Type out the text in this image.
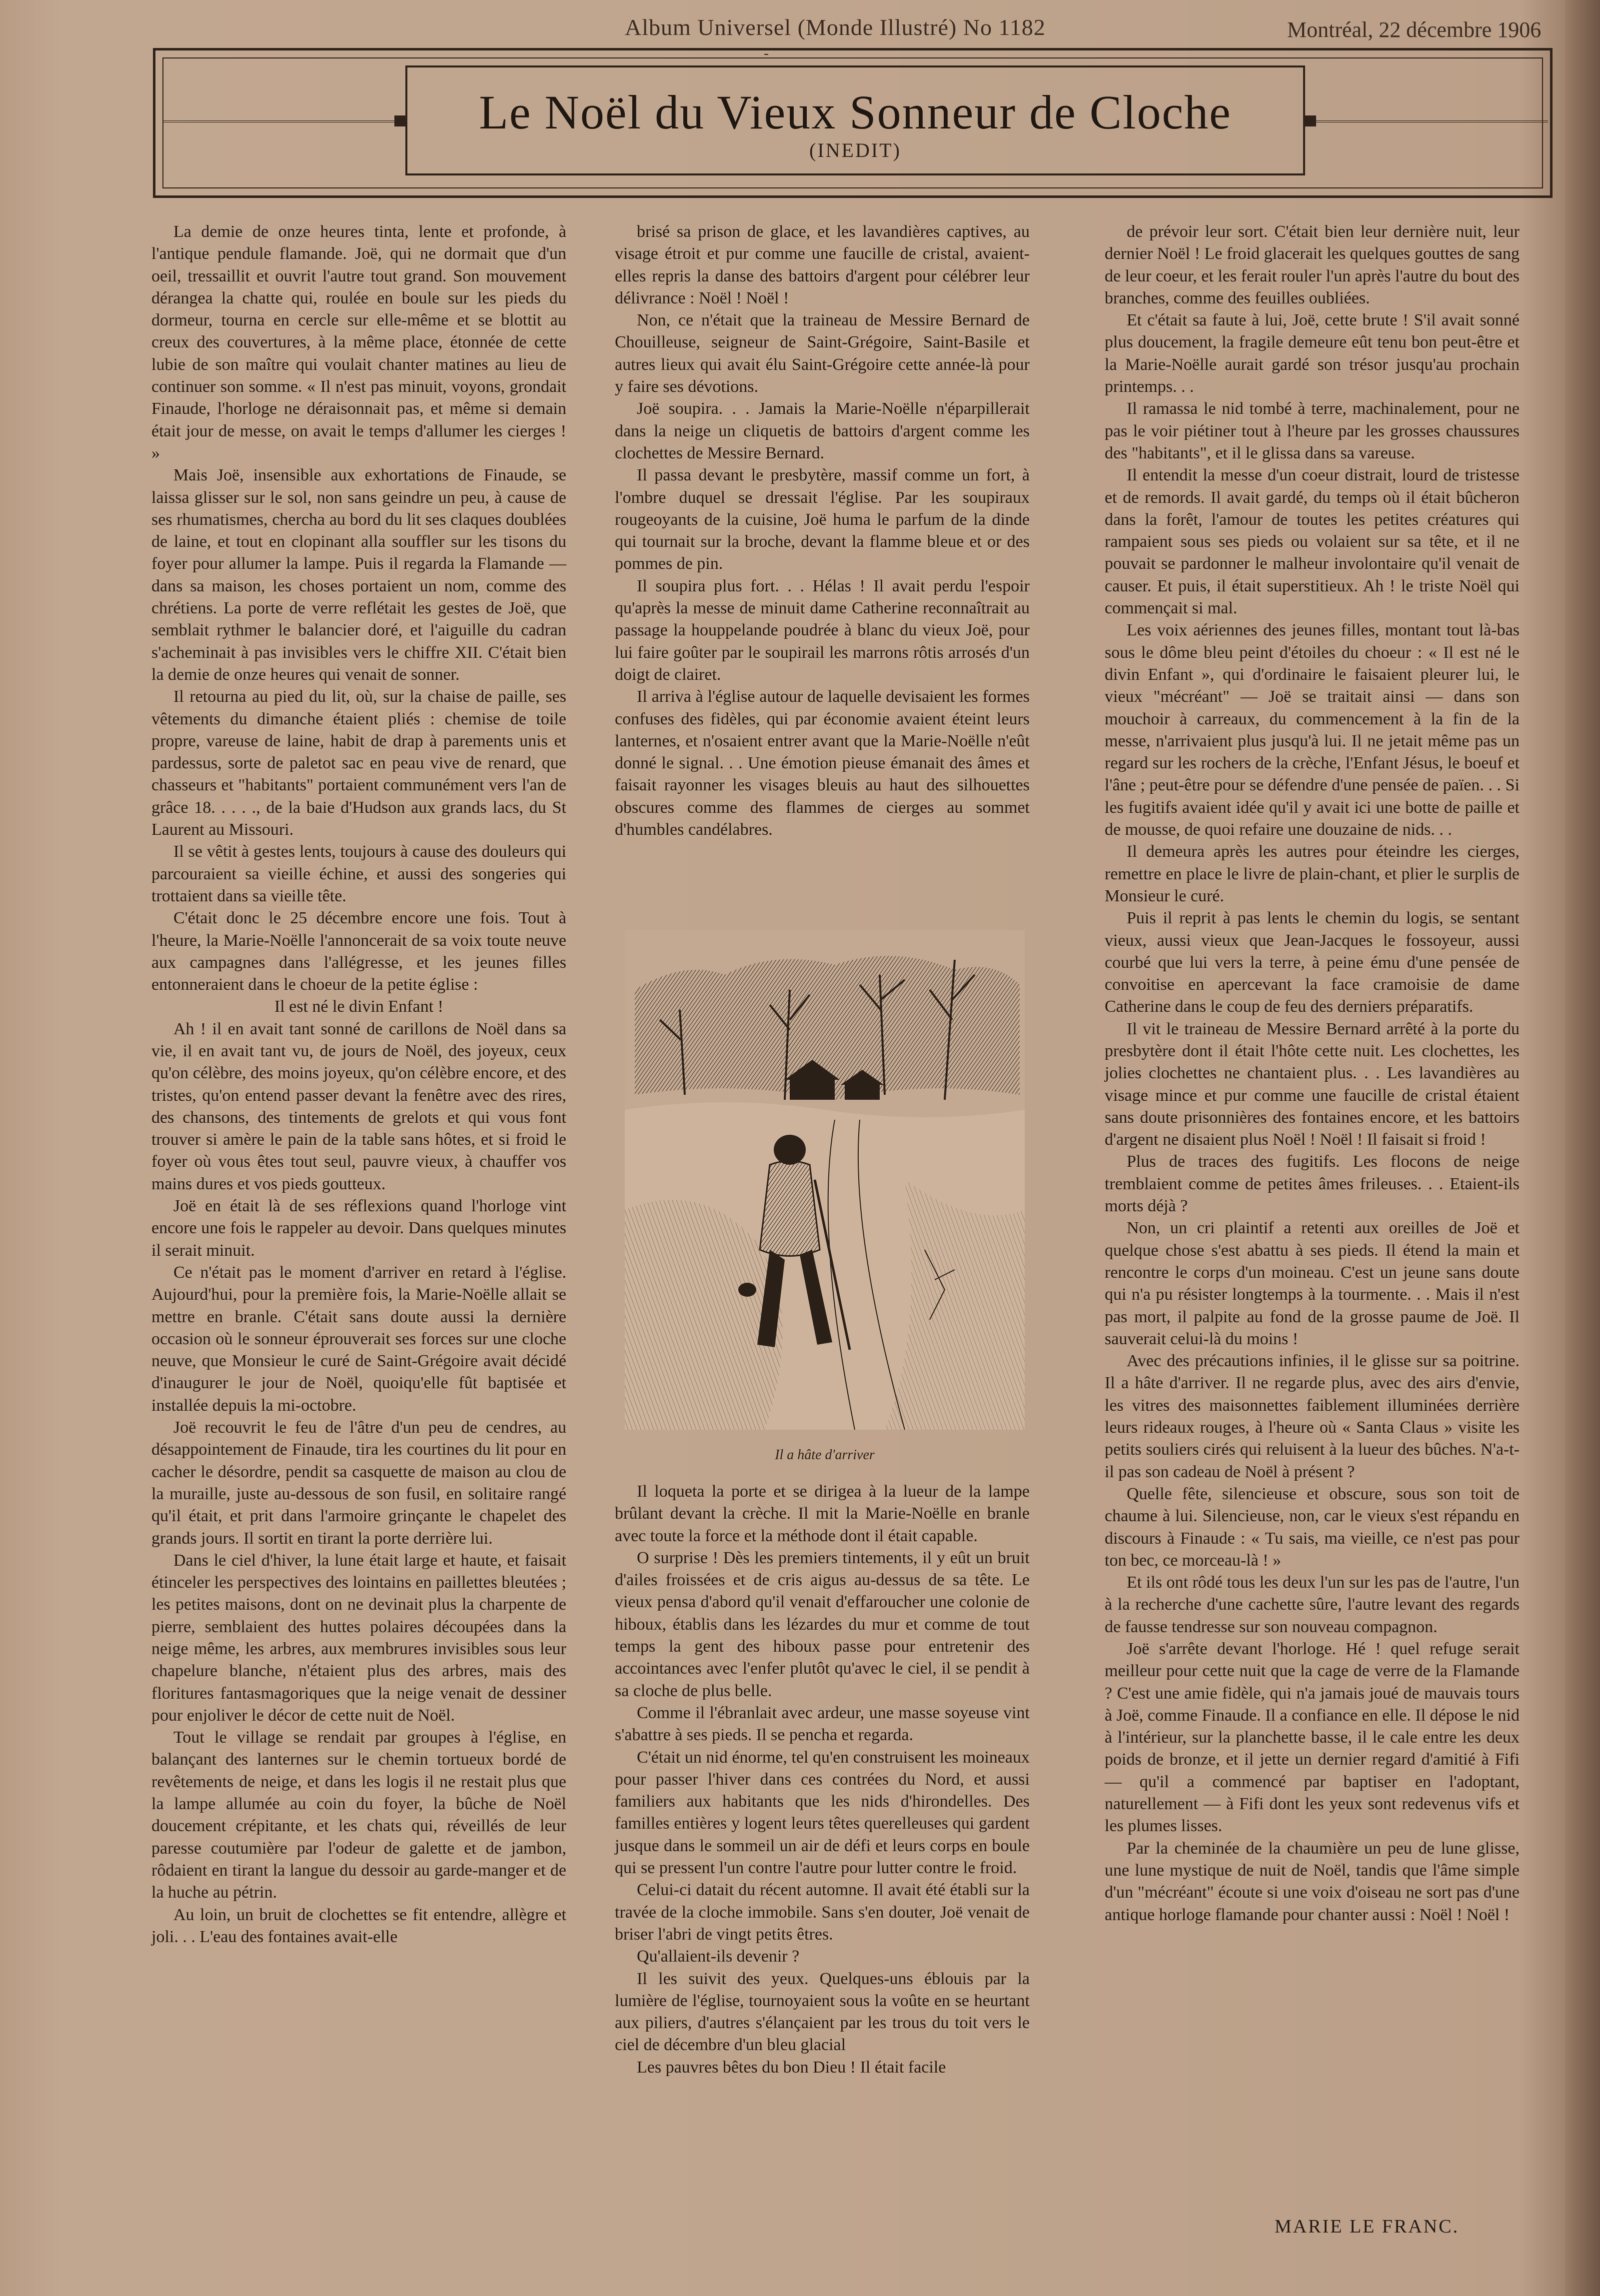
Album Universel (Monde Illustré) No 1182	Montréal, 22 décembre 1906
-
Le Noël du Vieux Sonneur de Cloche
(INEDIT)

La demie de onze heures tinta, lente et profonde, à l'antique pendule flamande. Joë, qui ne dormait que d'un oeil, tressaillit et ouvrit l'autre tout grand. Son mouvement dérangea la chatte qui, roulée en boule sur les pieds du dormeur, tourna en cercle sur elle-même et se blottit au creux des couvertures, à la même place, étonnée de cette lubie de son maître qui voulait chanter matines au lieu de continuer son somme. « Il n'est pas minuit, voyons, grondait Finaude, l'horloge ne déraisonnait pas, et même si demain était jour de messe, on avait le temps d'allumer les cierges ! »

Mais Joë, insensible aux exhortations de Finaude, se laissa glisser sur le sol, non sans geindre un peu, à cause de ses rhumatismes, chercha au bord du lit ses claques doublées de laine, et tout en clopinant alla souffler sur les tisons du foyer pour allumer la lampe. Puis il regarda la Flamande — dans sa maison, les choses portaient un nom, comme des chrétiens. La porte de verre reflétait les gestes de Joë, que semblait rythmer le balancier doré, et l'aiguille du cadran s'acheminait à pas invisibles vers le chiffre XII. C'était bien la demie de onze heures qui venait de sonner.

Il retourna au pied du lit, où, sur la chaise de paille, ses vêtements du dimanche étaient pliés : chemise de toile propre, vareuse de laine, habit de drap à parements unis et pardessus, sorte de paletot sac en peau vive de renard, que chasseurs et "habitants" portaient communément vers l'an de grâce 18. . . . ., de la baie d'Hudson aux grands lacs, du St Laurent au Missouri.

Il se vêtit à gestes lents, toujours à cause des douleurs qui parcouraient sa vieille échine, et aussi des songeries qui trottaient dans sa vieille tête.

C'était donc le 25 décembre encore une fois. Tout à l'heure, la Marie-Noëlle l'annoncerait de sa voix toute neuve aux campagnes dans l'allégresse, et les jeunes filles entonneraient dans le choeur de la petite église :

Il est né le divin Enfant !

Ah ! il en avait tant sonné de carillons de Noël dans sa vie, il en avait tant vu, de jours de Noël, des joyeux, ceux qu'on célèbre, des moins joyeux, qu'on célèbre encore, et des tristes, qu'on entend passer devant la fenêtre avec des rires, des chansons, des tintements de grelots et qui vous font trouver si amère le pain de la table sans hôtes, et si froid le foyer où vous êtes tout seul, pauvre vieux, à chauffer vos mains dures et vos pieds goutteux.

Joë en était là de ses réflexions quand l'horloge vint encore une fois le rappeler au devoir. Dans quelques minutes il serait minuit.

Ce n'était pas le moment d'arriver en retard à l'église. Aujourd'hui, pour la première fois, la Marie-Noëlle allait se mettre en branle. C'était sans doute aussi la dernière occasion où le sonneur éprouverait ses forces sur une cloche neuve, que Monsieur le curé de Saint-Grégoire avait décidé d'inaugurer le jour de Noël, quoiqu'elle fût baptisée et installée depuis la mi-octobre.

Joë recouvrit le feu de l'âtre d'un peu de cendres, au désappointement de Finaude, tira les courtines du lit pour en cacher le désordre, pendit sa casquette de maison au clou de la muraille, juste au-dessous de son fusil, en solitaire rangé qu'il était, et prit dans l'armoire grinçante le chapelet des grands jours. Il sortit en tirant la porte derrière lui.

Dans le ciel d'hiver, la lune était large et haute, et faisait étinceler les perspectives des lointains en paillettes bleutées ; les petites maisons, dont on ne devinait plus la charpente de pierre, semblaient des huttes polaires découpées dans la neige même, les arbres, aux membrures invisibles sous leur chapelure blanche, n'étaient plus des arbres, mais des floritures fantasmagoriques que la neige venait de dessiner pour enjoliver le décor de cette nuit de Noël.

Tout le village se rendait par groupes à l'église, en balançant des lanternes sur le chemin tortueux bordé de revêtements de neige, et dans les logis il ne restait plus que la lampe allumée au coin du foyer, la bûche de Noël doucement crépitante, et les chats qui, réveillés de leur paresse coutumière par l'odeur de galette et de jambon, rôdaient en tirant la langue du dessoir au garde-manger et de la huche au pétrin.

Au loin, un bruit de clochettes se fit entendre, allègre et joli. . . L'eau des fontaines avait-elle

brisé sa prison de glace, et les lavandières captives, au visage étroit et pur comme une faucille de cristal, avaient-elles repris la danse des battoirs d'argent pour célébrer leur délivrance : Noël ! Noël !

Non, ce n'était que la traineau de Messire Bernard de Chouilleuse, seigneur de Saint-Grégoire, Saint-Basile et autres lieux qui avait élu Saint-Grégoire cette année-là pour y faire ses dévotions.

Joë soupira. . . Jamais la Marie-Noëlle n'éparpillerait dans la neige un cliquetis de battoirs d'argent comme les clochettes de Messire Bernard.

Il passa devant le presbytère, massif comme un fort, à l'ombre duquel se dressait l'église. Par les soupiraux rougeoyants de la cuisine, Joë huma le parfum de la dinde qui tournait sur la broche, devant la flamme bleue et or des pommes de pin.

Il soupira plus fort. . . Hélas ! Il avait perdu l'espoir qu'après la messe de minuit dame Catherine reconnaîtrait au passage la houppelande poudrée à blanc du vieux Joë, pour lui faire goûter par le soupirail les marrons rôtis arrosés d'un doigt de clairet.

Il arriva à l'église autour de laquelle devisaient les formes confuses des fidèles, qui par économie avaient éteint leurs lanternes, et n'osaient entrer avant que la Marie-Noëlle n'eût donné le signal. . . Une émotion pieuse émanait des âmes et faisait rayonner les visages bleuis au haut des silhouettes obscures comme des flammes de cierges au sommet d'humbles candélabres.

Il loqueta la porte et se dirigea à la lueur de la lampe brûlant devant la crèche. Il mit la Marie-Noëlle en branle avec toute la force et la méthode dont il était capable.

O surprise ! Dès les premiers tintements, il y eût un bruit d'ailes froissées et de cris aigus au-dessus de sa tête. Le vieux pensa d'abord qu'il venait d'effaroucher une colonie de hiboux, établis dans les lézardes du mur et comme de tout temps la gent des hiboux passe pour entretenir des accointances avec l'enfer plutôt qu'avec le ciel, il se pendit à sa cloche de plus belle.

Comme il l'ébranlait avec ardeur, une masse soyeuse vint s'abattre à ses pieds. Il se pencha et regarda.

C'était un nid énorme, tel qu'en construisent les moineaux pour passer l'hiver dans ces contrées du Nord, et aussi familiers aux habitants que les nids d'hirondelles. Des familles entières y logent leurs têtes querelleuses qui gardent jusque dans le sommeil un air de défi et leurs corps en boule qui se pressent l'un contre l'autre pour lutter contre le froid.

Celui-ci datait du récent automne. Il avait été établi sur la travée de la cloche immobile. Sans s'en douter, Joë venait de briser l'abri de vingt petits êtres.

Qu'allaient-ils devenir ?

Il les suivit des yeux. Quelques-uns éblouis par la lumière de l'église, tournoyaient sous la voûte en se heurtant aux piliers, d'autres s'élançaient par les trous du toit vers le ciel de décembre d'un bleu glacial

Les pauvres bêtes du bon Dieu ! Il était facile

Il a hâte d'arriver

de prévoir leur sort. C'était bien leur dernière nuit, leur dernier Noël ! Le froid glacerait les quelques gouttes de sang de leur coeur, et les ferait rouler l'un après l'autre du bout des branches, comme des feuilles oubliées.

Et c'était sa faute à lui, Joë, cette brute ! S'il avait sonné plus doucement, la fragile demeure eût tenu bon peut-être et la Marie-Noëlle aurait gardé son trésor jusqu'au prochain printemps. . .

Il ramassa le nid tombé à terre, machinalement, pour ne pas le voir piétiner tout à l'heure par les grosses chaussures des "habitants", et il le glissa dans sa vareuse.

Il entendit la messe d'un coeur distrait, lourd de tristesse et de remords. Il avait gardé, du temps où il était bûcheron dans la forêt, l'amour de toutes les petites créatures qui rampaient sous ses pieds ou volaient sur sa tête, et il ne pouvait se pardonner le malheur involontaire qu'il venait de causer. Et puis, il était superstitieux. Ah ! le triste Noël qui commençait si mal.

Les voix aériennes des jeunes filles, montant tout là-bas sous le dôme bleu peint d'étoiles du choeur : « Il est né le divin Enfant », qui d'ordinaire le faisaient pleurer lui, le vieux "mécréant" — Joë se traitait ainsi — dans son mouchoir à carreaux, du commencement à la fin de la messe, n'arrivaient plus jusqu'à lui. Il ne jetait même pas un regard sur les rochers de la crèche, l'Enfant Jésus, le boeuf et l'âne ; peut-être pour se défendre d'une pensée de païen. . . Si les fugitifs avaient idée qu'il y avait ici une botte de paille et de mousse, de quoi refaire une douzaine de nids. . .

Il demeura après les autres pour éteindre les cierges, remettre en place le livre de plain-chant, et plier le surplis de Monsieur le curé.

Puis il reprit à pas lents le chemin du logis, se sentant vieux, aussi vieux que Jean-Jacques le fossoyeur, aussi courbé que lui vers la terre, à peine ému d'une pensée de convoitise en apercevant la face cramoisie de dame Catherine dans le coup de feu des derniers préparatifs.

Il vit le traineau de Messire Bernard arrêté à la porte du presbytère dont il était l'hôte cette nuit. Les clochettes, les jolies clochettes ne chantaient plus. . . Les lavandières au visage mince et pur comme une faucille de cristal étaient sans doute prisonnières des fontaines encore, et les battoirs d'argent ne disaient plus Noël ! Noël ! Il faisait si froid !

Plus de traces des fugitifs. Les flocons de neige tremblaient comme de petites âmes frileuses. . . Etaient-ils morts déjà ?

Non, un cri plaintif a retenti aux oreilles de Joë et quelque chose s'est abattu à ses pieds. Il étend la main et rencontre le corps d'un moineau. C'est un jeune sans doute qui n'a pu résister longtemps à la tourmente. . . Mais il n'est pas mort, il palpite au fond de la grosse paume de Joë. Il sauverait celui-là du moins !

Avec des précautions infinies, il le glisse sur sa poitrine. Il a hâte d'arriver. Il ne regarde plus, avec des airs d'envie, les vitres des maisonnettes faiblement illuminées derrière leurs rideaux rouges, à l'heure où « Santa Claus » visite les petits souliers cirés qui reluisent à la lueur des bûches. N'a-t-il pas son cadeau de Noël à présent ?

Quelle fête, silencieuse et obscure, sous son toit de chaume à lui. Silencieuse, non, car le vieux s'est répandu en discours à Finaude : « Tu sais, ma vieille, ce n'est pas pour ton bec, ce morceau-là ! »

Et ils ont rôdé tous les deux l'un sur les pas de l'autre, l'un à la recherche d'une cachette sûre, l'autre levant des regards de fausse tendresse sur son nouveau compagnon.

Joë s'arrête devant l'horloge. Hé ! quel refuge serait meilleur pour cette nuit que la cage de verre de la Flamande ? C'est une amie fidèle, qui n'a jamais joué de mauvais tours à Joë, comme Finaude. Il a confiance en elle. Il dépose le nid à l'intérieur, sur la planchette basse, il le cale entre les deux poids de bronze, et il jette un dernier regard d'amitié à Fifi — qu'il a commencé par baptiser en l'adoptant, naturellement — à Fifi dont les yeux sont redevenus vifs et les plumes lisses.

Par la cheminée de la chaumière un peu de lune glisse, une lune mystique de nuit de Noël, tandis que l'âme simple d'un "mécréant" écoute si une voix d'oiseau ne sort pas d'une antique horloge flamande pour chanter aussi : Noël ! Noël !

MARIE LE FRANC.
